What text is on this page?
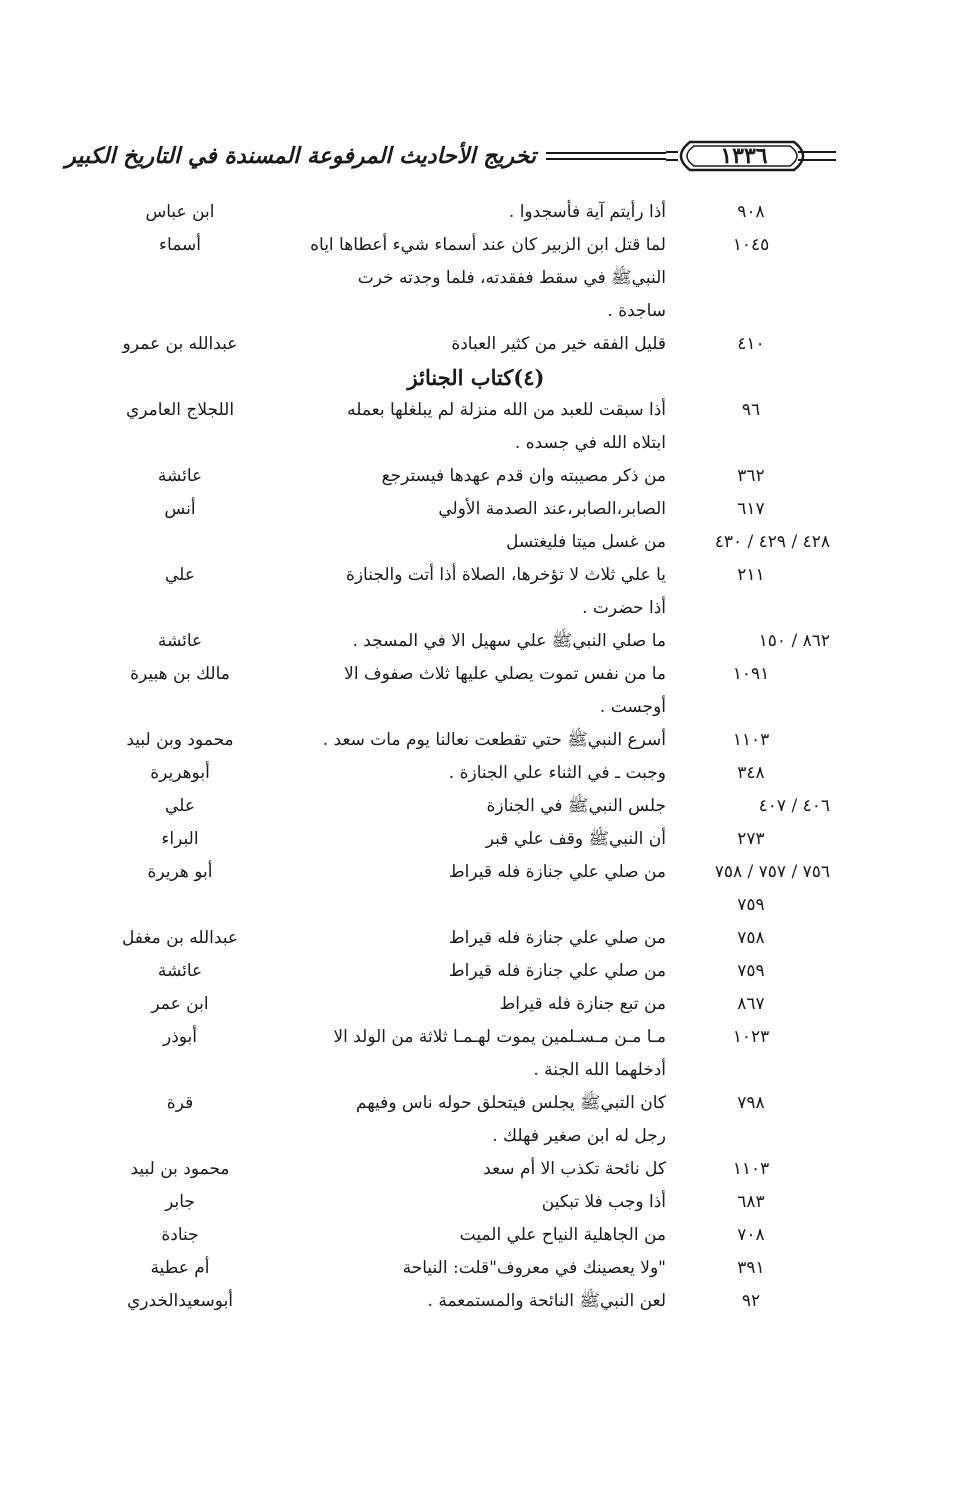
١٣٣٦
تخريج الأحاديث المرفوعة المسندة في التاريخ الكبير
٩٠٨
أذا رأيتم آية فأسجدوا .
ابن عباس
١٠٤٥
لما قتل ابن الزبير كان عند أسماء شيء أعطاها اياه
النبيﷺ في سقط ففقدته، فلما وجدته خرت
ساجدة .
أسماء
٤١٠
قليل الفقه خير من كثير العبادة
عبدالله بن عمرو
(٤)كتاب الجنائز
٩٦
أذا سبقت للعبد من الله منزلة لم يبلغلها بعمله
ابتلاه الله في جسده .
اللجلاج العامري
٣٦٢
من ذكر مصيبته وان قدم عهدها فيسترجع
عائشة
٦١٧
الصابر،الصابر،عند الصدمة الأولي
أنس
٤٢٨ / ٤٢٩ / ٤٣٠
من غسل ميتا فليغتسل
٢١١
يا علي ثلاث لا تؤخرها، الصلاة أذا أتت والجنازة
أذا حضرت .
علي
٨٦٢ / ١٥٠
ما صلي النبيﷺ علي سهيل الا في المسجد .
عائشة
١٠٩١
ما من نفس تموت يصلي عليها ثلاث صفوف الا
أوجست .
مالك بن هبيرة
١١٠٣
أسرع النبيﷺ حتي تقطعت نعالنا يوم مات سعد .
محمود وبن لبيد
٣٤٨
وجبت ـ في الثناء علي الجنازة .
أبوهريرة
٤٠٦ / ٤٠٧
جلس النبيﷺ في الجنازة
علي
٢٧٣
أن النبيﷺ وقف علي قبر
البراء
٧٥٦ / ٧٥٧ / ٧٥٨
من صلي علي جنازة فله قيراط
أبو هريرة
٧٥٩
٧٥٨
من صلي علي جنازة فله قيراط
عبدالله بن مغفل
٧٥٩
من صلي علي جنازة فله قيراط
عائشة
٨٦٧
من تبع جنازة فله قيراط
ابن عمر
١٠٢٣
مـا مـن مـسـلمين يموت لهـمـا ثلاثة من الولد الا
أدخلهما الله الجنة .
أبوذر
٧٩٨
كان التبيﷺ يجلس فيتحلق حوله ناس وفيهم
رجل له ابن صغير فهلك .
قرة
١١٠٣
كل نائحة تكذب الا أم سعد
محمود بن لبيد
٦٨٣
أذا وجب فلا تبكين
جابر
٧٠٨
من الجاهلية النياح علي الميت
جنادة
٣٩١
"ولا يعصينك في معروف"قلت: النياحة
أم عطية
٩٢
لعن النبيﷺ النائحة والمستمعمة .
أبوسعيدالخدري
